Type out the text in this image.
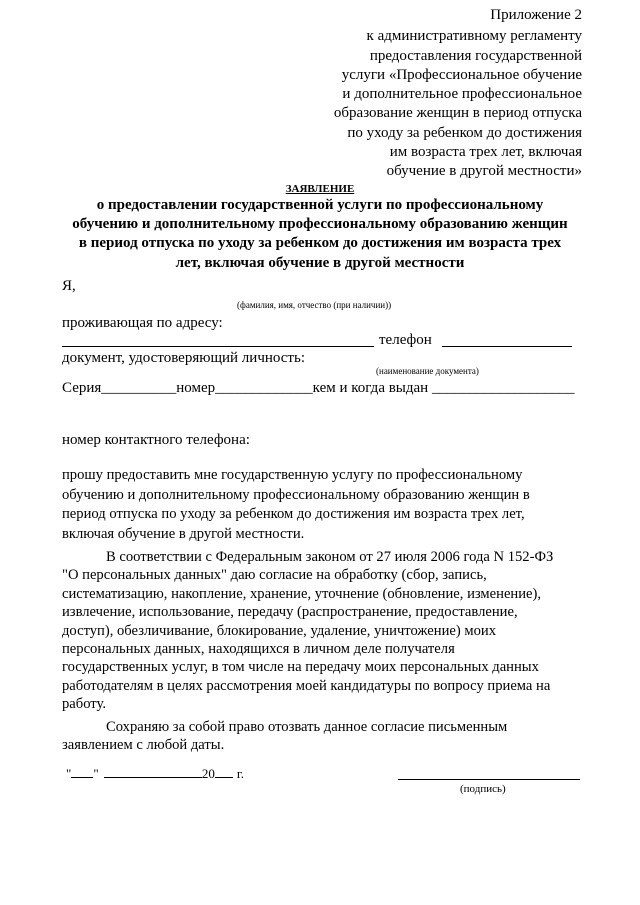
Приложение 2
к административному регламенту
предоставления государственной
услуги «Профессиональное обучение
и дополнительное профессиональное
образование женщин в период отпуска
по уходу за ребенком до достижения
им возраста трех лет, включая
обучение в другой местности»
ЗАЯВЛЕНИЕ
о предоставлении государственной услуги по профессиональному
обучению и дополнительному профессиональному образованию женщин
в период отпуска по уходу за ребенком до достижения им возраста трех
лет, включая обучение в другой местности
Я,
(фамилия, имя, отчество (при наличии))
проживающая по адресу:
телефон
документ, удостоверяющий личность:
(наименование документа)
Серия__________номер_____________кем и когда выдан ___________________
номер контактного телефона:
прошу предоставить мне государственную услугу по профессиональному
обучению и дополнительному профессиональному образованию женщин в
период отпуска по уходу за ребенком до достижения им возраста трех лет,
включая обучение в другой местности.
В соответствии с Федеральным законом от 27 июля 2006 года N 152-ФЗ
"О персональных данных" даю согласие на обработку (сбор, запись,
систематизацию, накопление, хранение, уточнение (обновление, изменение),
извлечение, использование, передачу (распространение, предоставление,
доступ), обезличивание, блокирование, удаление, уничтожение) моих
персональных данных, находящихся в личном деле получателя
государственных услуг, в том числе на передачу моих персональных данных
работодателям в целях рассмотрения моей кандидатуры по вопросу приема на
работу.
Сохраняю за собой право отозвать данное согласие письменным
заявлением с любой даты.
" "	20 г.
(подпись)
